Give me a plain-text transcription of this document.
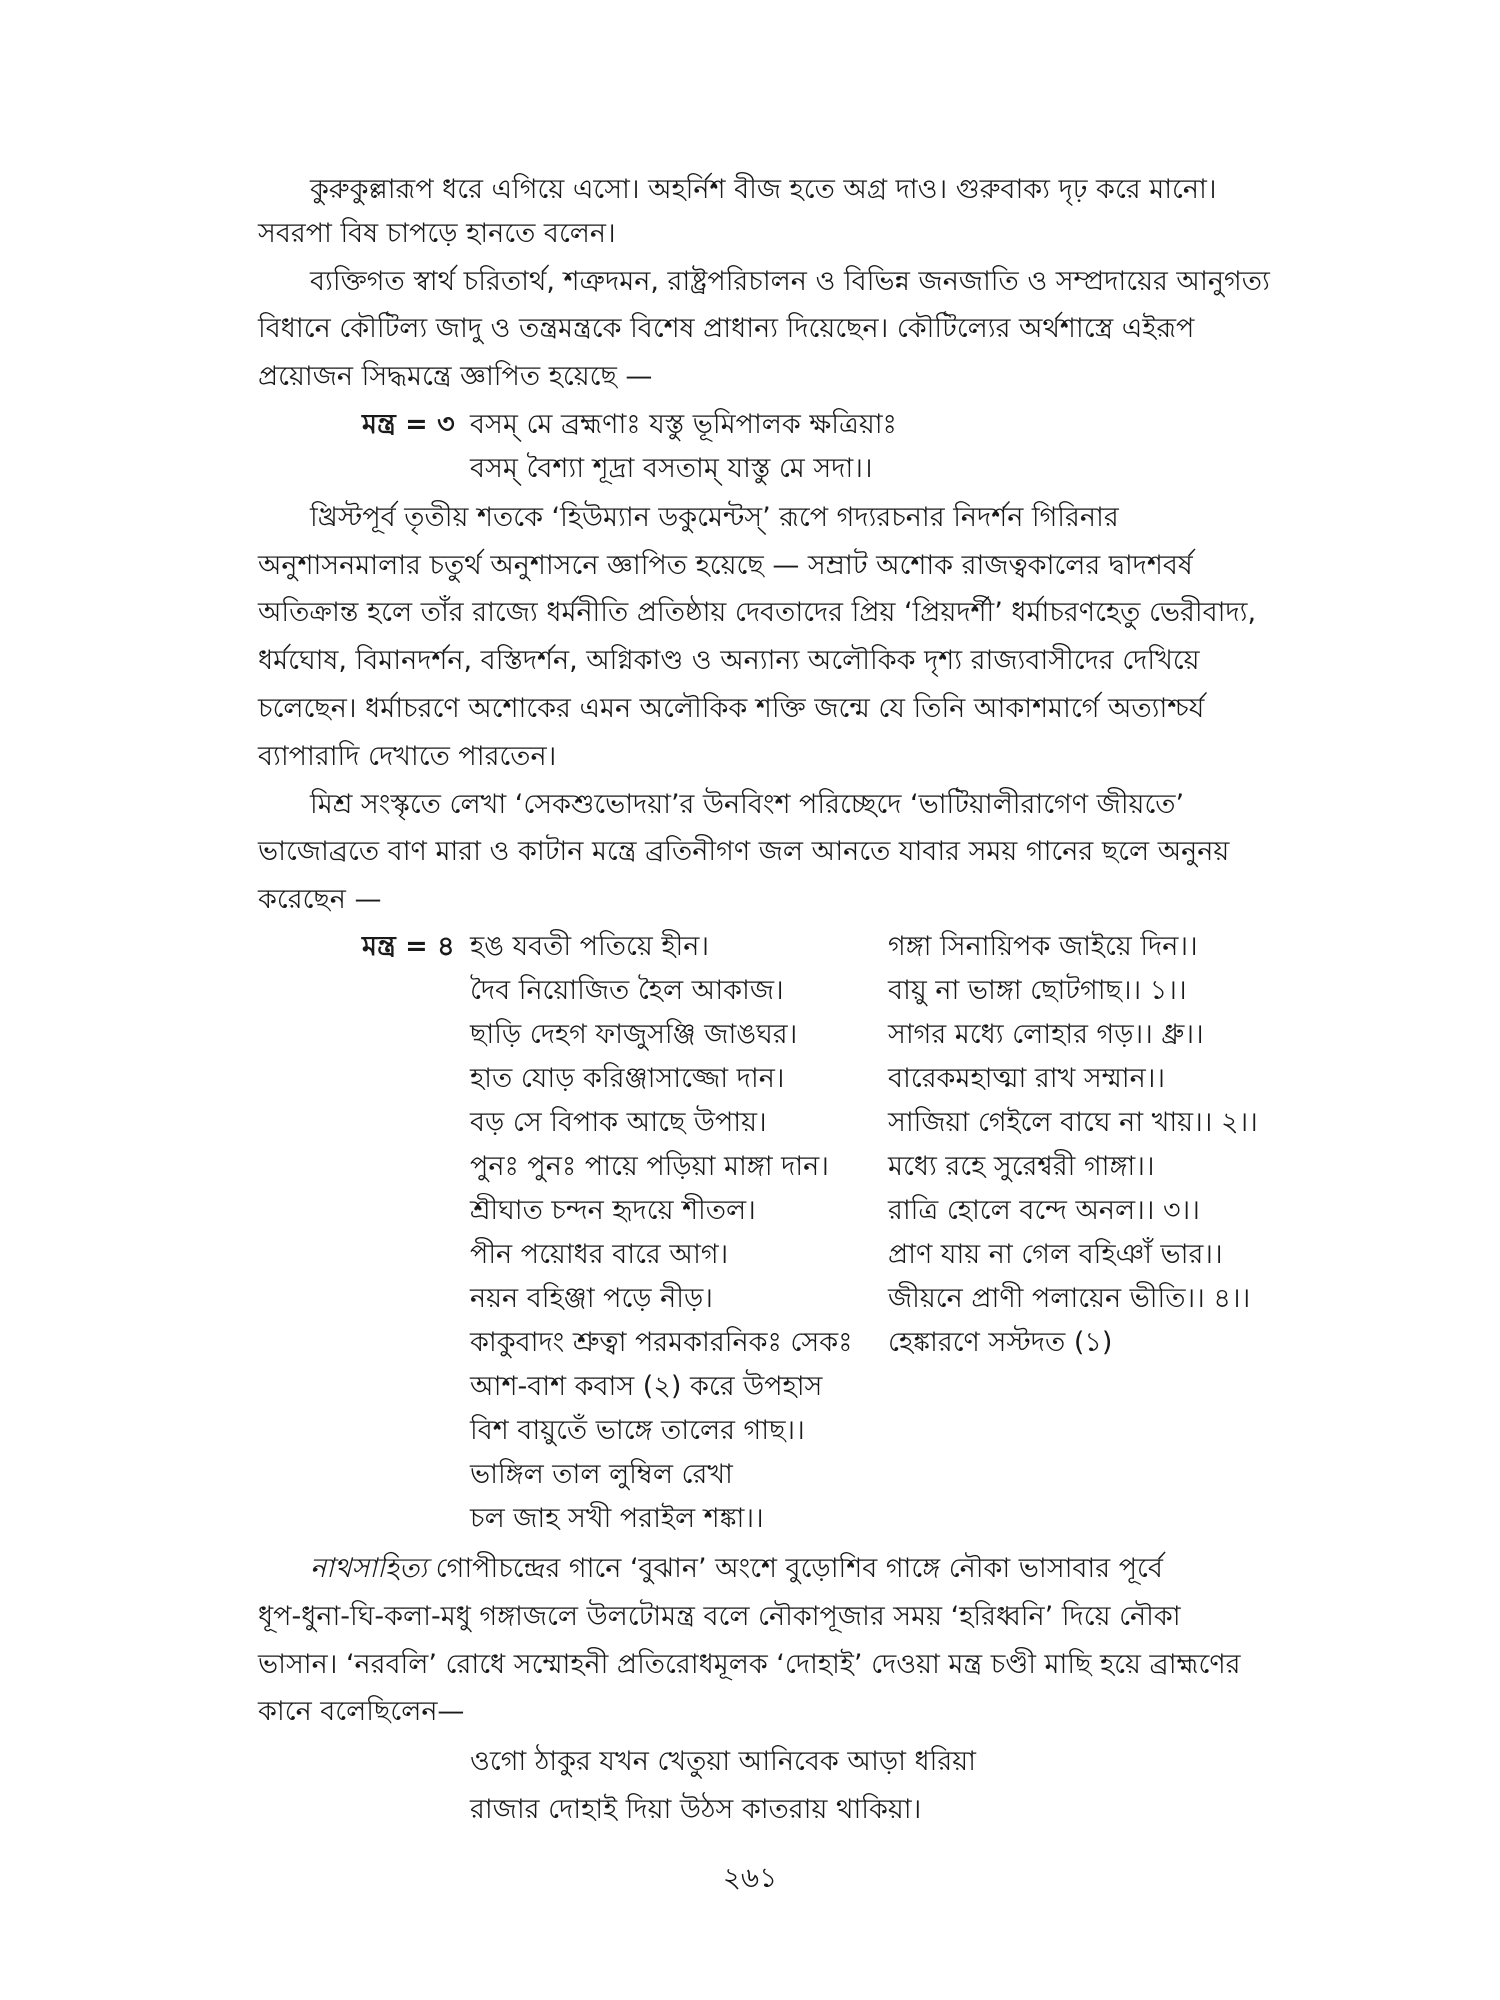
কুরুকুল্লারূপ ধরে এগিয়ে এসো। অহর্নিশ বীজ হতে অগ্র দাও। গুরুবাক্য দৃঢ় করে মানো।
সবরপা বিষ চাপড়ে হানতে বলেন।
ব্যক্তিগত স্বার্থ চরিতার্থ, শত্রুদমন, রাষ্ট্রপরিচালন ও বিভিন্ন জনজাতি ও সম্প্রদায়ের আনুগত্য
বিধানে কৌটিল্য জাদু ও তন্ত্রমন্ত্রকে বিশেষ প্রাধান্য দিয়েছেন। কৌটিল্যের অর্থশাস্ত্রে এইরূপ
প্রয়োজন সিদ্ধমন্ত্রে জ্ঞাপিত হয়েছে —
মন্ত্র = ৩ বসম্ মে ব্রহ্মণাঃ যস্তু ভূমিপালক ক্ষত্রিয়াঃ
বসম্ বৈশ্যা শূদ্রা বসতাম্ যাস্তু মে সদা।।
খ্রিস্টপূর্ব তৃতীয় শতকে ‘হিউম্যান ডকুমেন্টস্’ রূপে গদ্যরচনার নিদর্শন গিরিনার
অনুশাসনমালার চতুর্থ অনুশাসনে জ্ঞাপিত হয়েছে — সম্রাট অশোক রাজত্বকালের দ্বাদশবর্ষ
অতিক্রান্ত হলে তাঁর রাজ্যে ধর্মনীতি প্রতিষ্ঠায় দেবতাদের প্রিয় ‘প্রিয়দর্শী’ ধর্মাচরণহেতু ভেরীবাদ্য,
ধর্মঘোষ, বিমানদর্শন, বস্তিদর্শন, অগ্নিকাণ্ড ও অন্যান্য অলৌকিক দৃশ্য রাজ্যবাসীদের দেখিয়ে
চলেছেন। ধর্মাচরণে অশোকের এমন অলৌকিক শক্তি জন্মে যে তিনি আকাশমার্গে অত্যাশ্চর্য
ব্যাপারাদি দেখাতে পারতেন।
মিশ্র সংস্কৃতে লেখা ‘সেকশুভোদয়া’র উনবিংশ পরিচ্ছেদে ‘ভাটিয়ালীরাগেণ জীয়তে’
ভাজোব্রতে বাণ মারা ও কাটান মন্ত্রে ব্রতিনীগণ জল আনতে যাবার সময় গানের ছলে অনুনয়
করেছেন —
মন্ত্র = ৪ হঙ যবতী পতিয়ে হীন।
দৈব নিয়োজিত হৈল আকাজ।
ছাড়ি দেহগ ফাজুসঞ্জি জাঙঘর।
হাত যোড় করিঞ্জাসাজ্জো দান।
বড় সে বিপাক আছে উপায়।
পুনঃ পুনঃ পায়ে পড়িয়া মাঙ্গা দান।
শ্রীঘাত চন্দন হৃদয়ে শীতল।
পীন পয়োধর বারে আগ।
নয়ন বহিঞ্জা পড়ে নীড়।
কাকুবাদং শ্রুত্বা পরমকারনিকঃ সেকঃ
আশ-বাশ কবাস (২) করে উপহাস
বিশ বায়ুতেঁ ভাঙ্গে তালের গাছ।।
ভাঙ্গিল তাল লুম্বিল রেখা
চল জাহ সখী পরাইল শঙ্কা।।
গঙ্গা সিনায়িপক জাইয়ে দিন।।
বায়ু না ভাঙ্গা ছোটগাছ।। ১।।
সাগর মধ্যে লোহার গড়।। ধ্রু।।
বারেকমহাত্মা রাখ সম্মান।।
সাজিয়া গেইলে বাঘে না খায়।। ২।।
মধ্যে রহে সুরেশ্বরী গাঙ্গা।।
রাত্রি হোলে বন্দে অনল।। ৩।।
প্রাণ যায় না গেল বহিঞাঁ ভার।।
জীয়নে প্রাণী পলায়েন ভীতি।। ৪।।
হেঙ্কারণে সস্টদত (১)
নাথসাহিত্য গোপীচন্দ্রের গানে ‘বুঝান’ অংশে বুড়োশিব গাঙ্গে নৌকা ভাসাবার পূর্বে
ধূপ-ধুনা-ঘি-কলা-মধু গঙ্গাজলে উলটোমন্ত্র বলে নৌকাপূজার সময় ‘হরিধ্বনি’ দিয়ে নৌকা
ভাসান। ‘নরবলি’ রোধে সম্মোহনী প্রতিরোধমূলক ‘দোহাই’ দেওয়া মন্ত্র চণ্ডী মাছি হয়ে ব্রাহ্মণের
কানে বলেছিলেন—
ওগো ঠাকুর যখন খেতুয়া আনিবেক আড়া ধরিয়া
রাজার দোহাই দিয়া উঠস কাতরায় থাকিয়া।
২৬১
